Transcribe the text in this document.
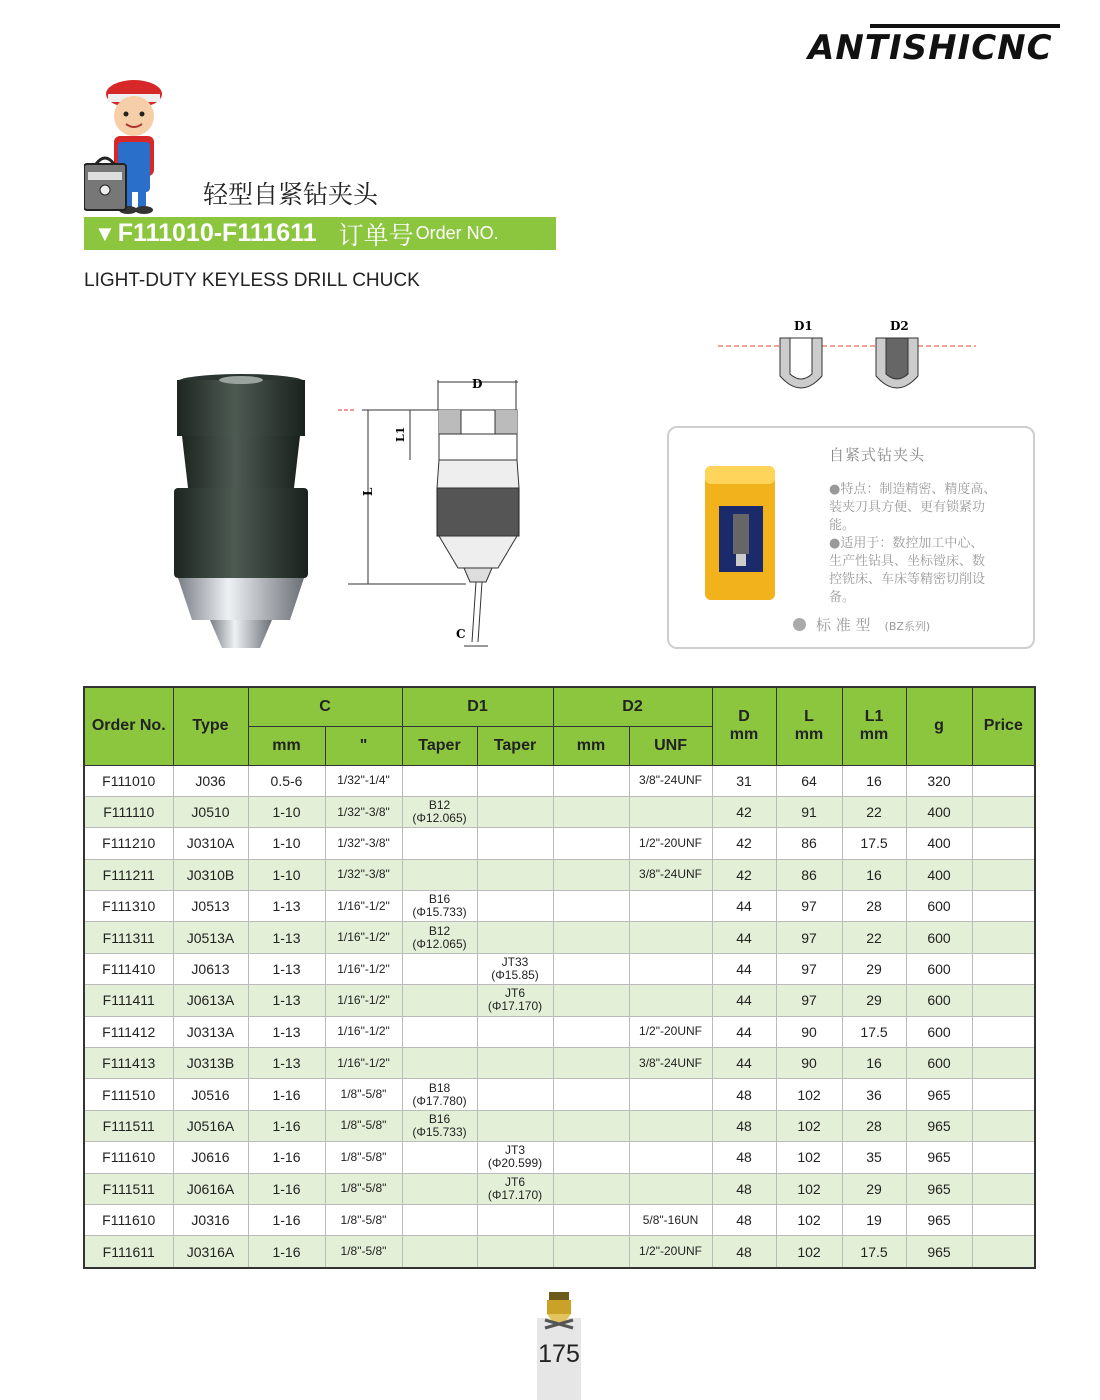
ANTISHICNC
轻型自紧钻夹头
▼ F111010-F111611 订单号 Order NO.
LIGHT-DUTY KEYLESS DRILL CHUCK
D
L
L1
C
D1	D2
自紧式钻夹头
●特点：制造精密、精度高、
装夹刀具方便、更有锁紧功
能。
●适用于：数控加工中心、
生产性钻具、坐标镗床、数
控铣床、车床等精密切削设
备。
标 准 型 (BZ系列)
Order No.	Type	C		D1		D2		D
mm	L
mm	L1
mm	g	Price
		mm	"	Taper	Taper	mm	UNF					
F111010	J036	0.5-6	1/32"-1/4"				3/8"-24UNF	31	64	16	320	
F111110	J0510	1-10	1/32"-3/8"	B12
(Φ12.065)				42	91	22	400	
F111210	J0310A	1-10	1/32"-3/8"				1/2"-20UNF	42	86	17.5	400	
F111211	J0310B	1-10	1/32"-3/8"				3/8"-24UNF	42	86	16	400	
F111310	J0513	1-13	1/16"-1/2"	B16
(Φ15.733)				44	97	28	600	
F111311	J0513A	1-13	1/16"-1/2"	B12
(Φ12.065)				44	97	22	600	
F111410	J0613	1-13	1/16"-1/2"		JT33
(Φ15.85)			44	97	29	600	
F111411	J0613A	1-13	1/16"-1/2"		JT6
(Φ17.170)			44	97	29	600	
F111412	J0313A	1-13	1/16"-1/2"				1/2"-20UNF	44	90	17.5	600	
F111413	J0313B	1-13	1/16"-1/2"				3/8"-24UNF	44	90	16	600	
F111510	J0516	1-16	1/8"-5/8"	B18
(Φ17.780)				48	102	36	965	
F111511	J0516A	1-16	1/8"-5/8"	B16
(Φ15.733)				48	102	28	965	
F111610	J0616	1-16	1/8"-5/8"		JT3
(Φ20.599)			48	102	35	965	
F111511	J0616A	1-16	1/8"-5/8"		JT6
(Φ17.170)			48	102	29	965	
F111610	J0316	1-16	1/8"-5/8"				5/8"-16UN	48	102	19	965	
F111611	J0316A	1-16	1/8"-5/8"				1/2"-20UNF	48	102	17.5	965	
175
